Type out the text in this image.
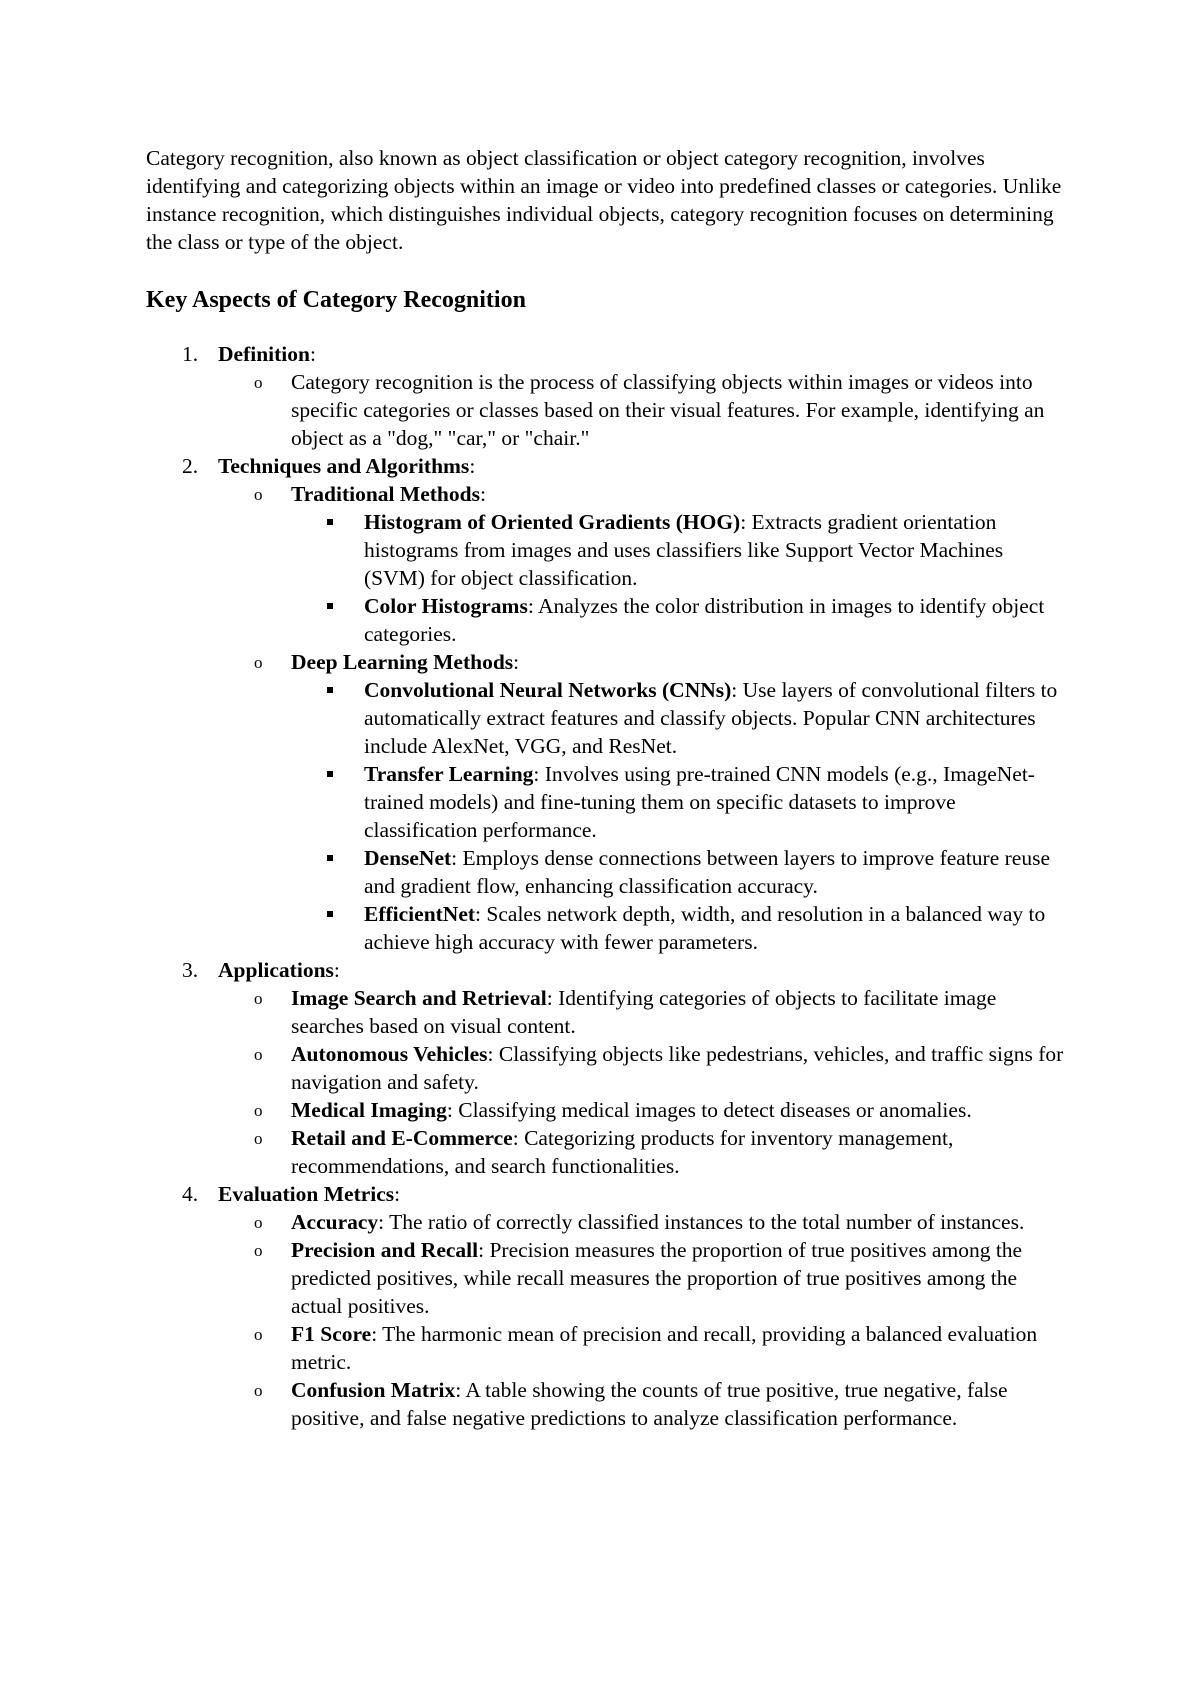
Category recognition, also known as object classification or object category recognition, involves identifying and categorizing objects within an image or video into predefined classes or categories. Unlike instance recognition, which distinguishes individual objects, category recognition focuses on determining the class or type of the object.

Key Aspects of Category Recognition
1. Definition:
o Category recognition is the process of classifying objects within images or videos into specific categories or classes based on their visual features. For example, identifying an object as a "dog," "car," or "chair."
2. Techniques and Algorithms:
o Traditional Methods:
Histogram of Oriented Gradients (HOG): Extracts gradient orientation histograms from images and uses classifiers like Support Vector Machines (SVM) for object classification.
Color Histograms: Analyzes the color distribution in images to identify object categories.
o Deep Learning Methods:
Convolutional Neural Networks (CNNs): Use layers of convolutional filters to automatically extract features and classify objects. Popular CNN architectures include AlexNet, VGG, and ResNet.
Transfer Learning: Involves using pre-trained CNN models (e.g., ImageNet-trained models) and fine-tuning them on specific datasets to improve classification performance.
DenseNet: Employs dense connections between layers to improve feature reuse and gradient flow, enhancing classification accuracy.
EfficientNet: Scales network depth, width, and resolution in a balanced way to achieve high accuracy with fewer parameters.
3. Applications:
o Image Search and Retrieval: Identifying categories of objects to facilitate image searches based on visual content.
o Autonomous Vehicles: Classifying objects like pedestrians, vehicles, and traffic signs for navigation and safety.
o Medical Imaging: Classifying medical images to detect diseases or anomalies.
o Retail and E-Commerce: Categorizing products for inventory management, recommendations, and search functionalities.
4. Evaluation Metrics:
o Accuracy: The ratio of correctly classified instances to the total number of instances.
o Precision and Recall: Precision measures the proportion of true positives among the predicted positives, while recall measures the proportion of true positives among the actual positives.
o F1 Score: The harmonic mean of precision and recall, providing a balanced evaluation metric.
o Confusion Matrix: A table showing the counts of true positive, true negative, false positive, and false negative predictions to analyze classification performance.
